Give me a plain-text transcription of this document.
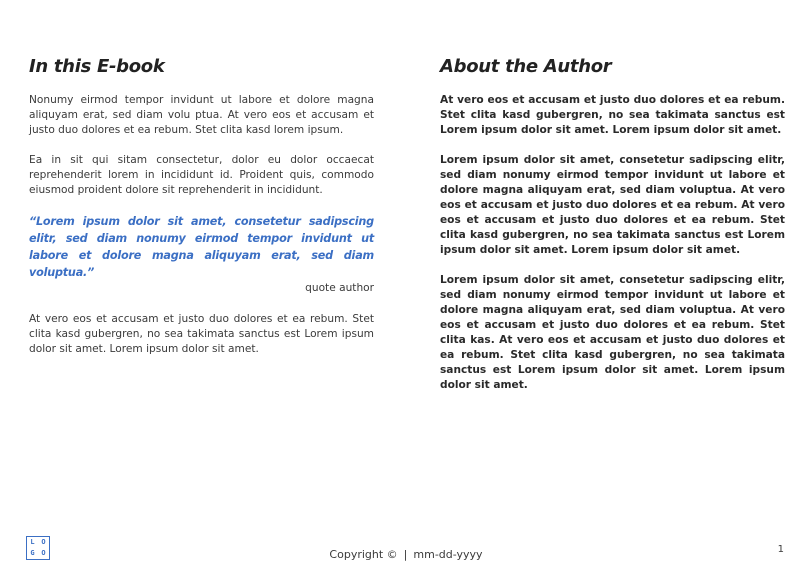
In this E-book

Nonumy eirmod tempor invidunt ut labore et dolore magna aliquyam erat, sed diam volu ptua. At vero eos et accusam et justo duo dolores et ea rebum. Stet clita kasd lorem ipsum.

Ea in sit qui sitam consectetur, dolor eu dolor occaecat reprehenderit lorem in incididunt id. Proident quis, commodo eiusmod proident dolore sit reprehenderit in incididunt.

“Lorem ipsum dolor sit amet, consetetur sadipscing elitr, sed diam nonumy eirmod tempor invidunt ut labore et dolore magna aliquyam erat, sed diam voluptua.”

quote author

At vero eos et accusam et justo duo dolores et ea rebum. Stet clita kasd gubergren, no sea takimata sanctus est Lorem ipsum dolor sit amet. Lorem ipsum dolor sit amet.

About the Author

At vero eos et accusam et justo duo dolores et ea rebum. Stet clita kasd gubergren, no sea takimata sanctus est Lorem ipsum dolor sit amet. Lorem ipsum dolor sit amet.

Lorem ipsum dolor sit amet, consetetur sadipscing elitr, sed diam nonumy eirmod tempor invidunt ut labore et dolore magna aliquyam erat, sed diam voluptua. At vero eos et accusam et justo duo dolores et ea rebum. At vero eos et accusam et justo duo dolores et ea rebum. Stet clita kasd gubergren, no sea takimata sanctus est Lorem ipsum dolor sit amet. Lorem ipsum dolor sit amet.

Lorem ipsum dolor sit amet, consetetur sadipscing elitr, sed diam nonumy eirmod tempor invidunt ut labore et dolore magna aliquyam erat, sed diam voluptua. At vero eos et accusam et justo duo dolores et ea rebum. Stet clita kas. At vero eos et accusam et justo duo dolores et ea rebum. Stet clita kasd gubergren, no sea takimata sanctus est Lorem ipsum dolor sit amet. Lorem ipsum dolor sit amet.

L O
G O	Copyright © | mm-dd-yyyy	1
